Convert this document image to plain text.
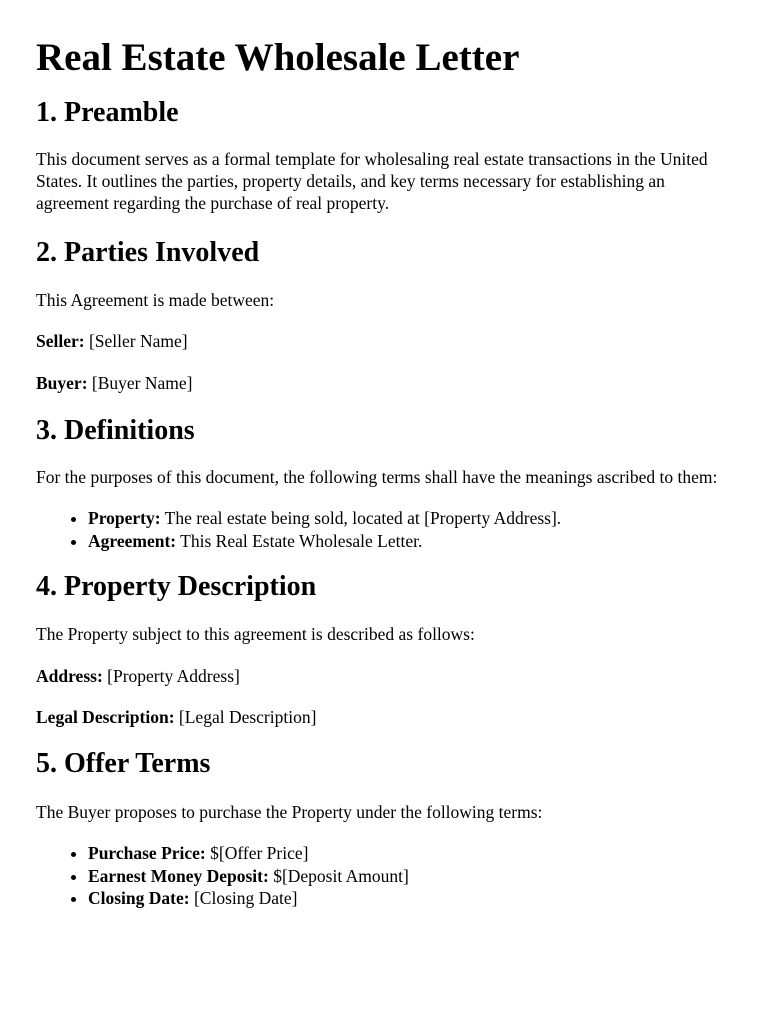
Real Estate Wholesale Letter
1. Preamble

This document serves as a formal template for wholesaling real estate transactions in the United States. It outlines the parties, property details, and key terms necessary for establishing an agreement regarding the purchase of real property.

2. Parties Involved

This Agreement is made between:

Seller: [Seller Name]

Buyer: [Buyer Name]

3. Definitions

For the purposes of this document, the following terms shall have the meanings ascribed to them:

• Property: The real estate being sold, located at [Property Address].
• Agreement: This Real Estate Wholesale Letter.
4. Property Description

The Property subject to this agreement is described as follows:

Address: [Property Address]

Legal Description: [Legal Description]

5. Offer Terms

The Buyer proposes to purchase the Property under the following terms:

• Purchase Price: $[Offer Price]
• Earnest Money Deposit: $[Deposit Amount]
• Closing Date: [Closing Date]
